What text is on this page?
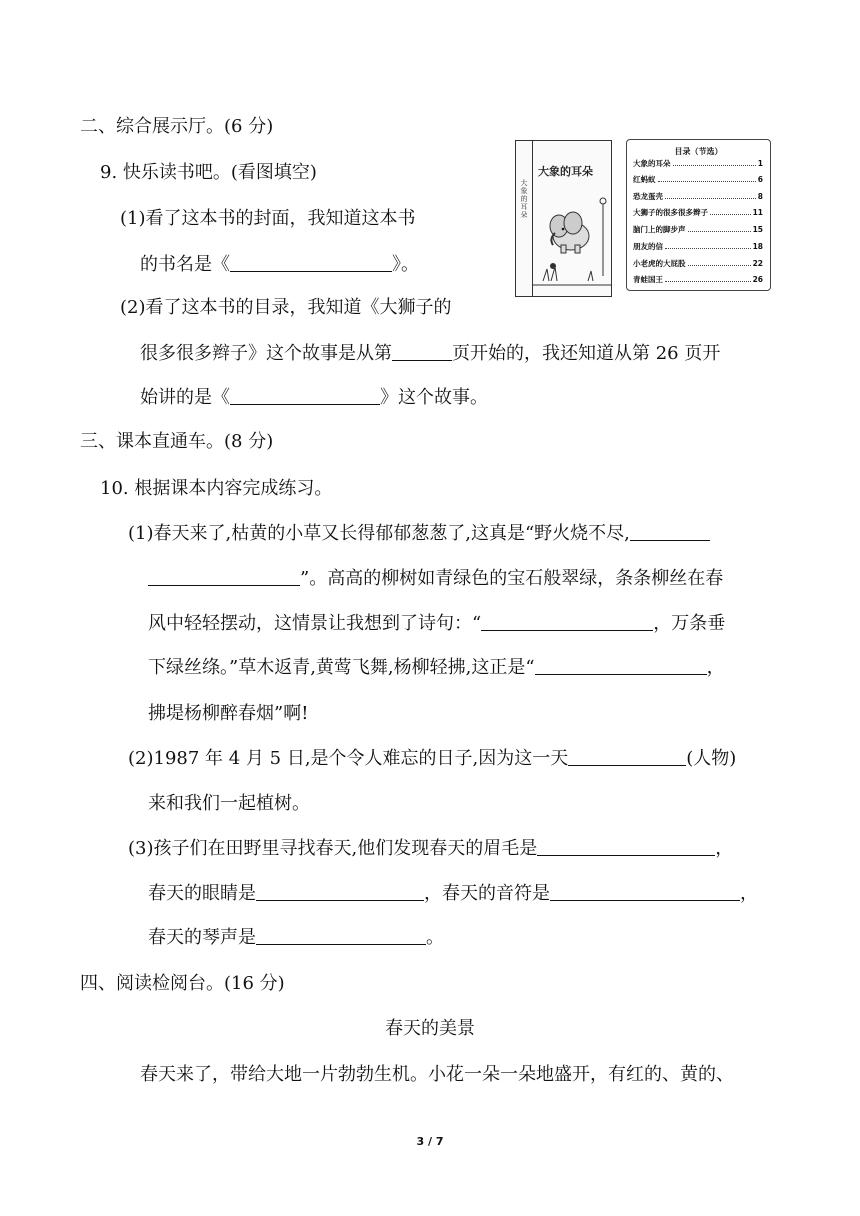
二、综合展示厅。(6 分)
9. 快乐读书吧。(看图填空)
(1)看了这本书的封面，我知道这本书
的书名是《	》。
(2)看了这本书的目录，我知道《大狮子的
很多很多辫子》这个故事是从第	页开始的，我还知道从第 26 页开
始讲的是《	》这个故事。
大象的耳朵
大象的耳朵
目录（节选）
大象的耳朵	1
红蚂蚁	6
恐龙蛋壳	8
大狮子的很多很多辫子	11
脑门上的脚步声	15
朋友的信	18
小老虎的大屁股	22
青蛙国王	26
三、课本直通车。(8 分)
10. 根据课本内容完成练习。
(1)春天来了,枯黄的小草又长得郁郁葱葱了,这真是“野火烧不尽,
”。高高的柳树如青绿色的宝石般翠绿，条条柳丝在春
风中轻轻摆动，这情景让我想到了诗句：“	，万条垂
下绿丝绦。”草木返青,黄莺飞舞,杨柳轻拂,这正是“	，
拂堤杨柳醉春烟”啊!
(2)1987 年 4 月 5 日,是个令人难忘的日子,因为这一天	(人物)
来和我们一起植树。
(3)孩子们在田野里寻找春天,他们发现春天的眉毛是	，
春天的眼睛是	，春天的音符是	，
春天的琴声是	。
四、阅读检阅台。(16 分)
春天的美景
春天来了，带给大地一片勃勃生机。小花一朵一朵地盛开，有红的、黄的、
3 / 7
